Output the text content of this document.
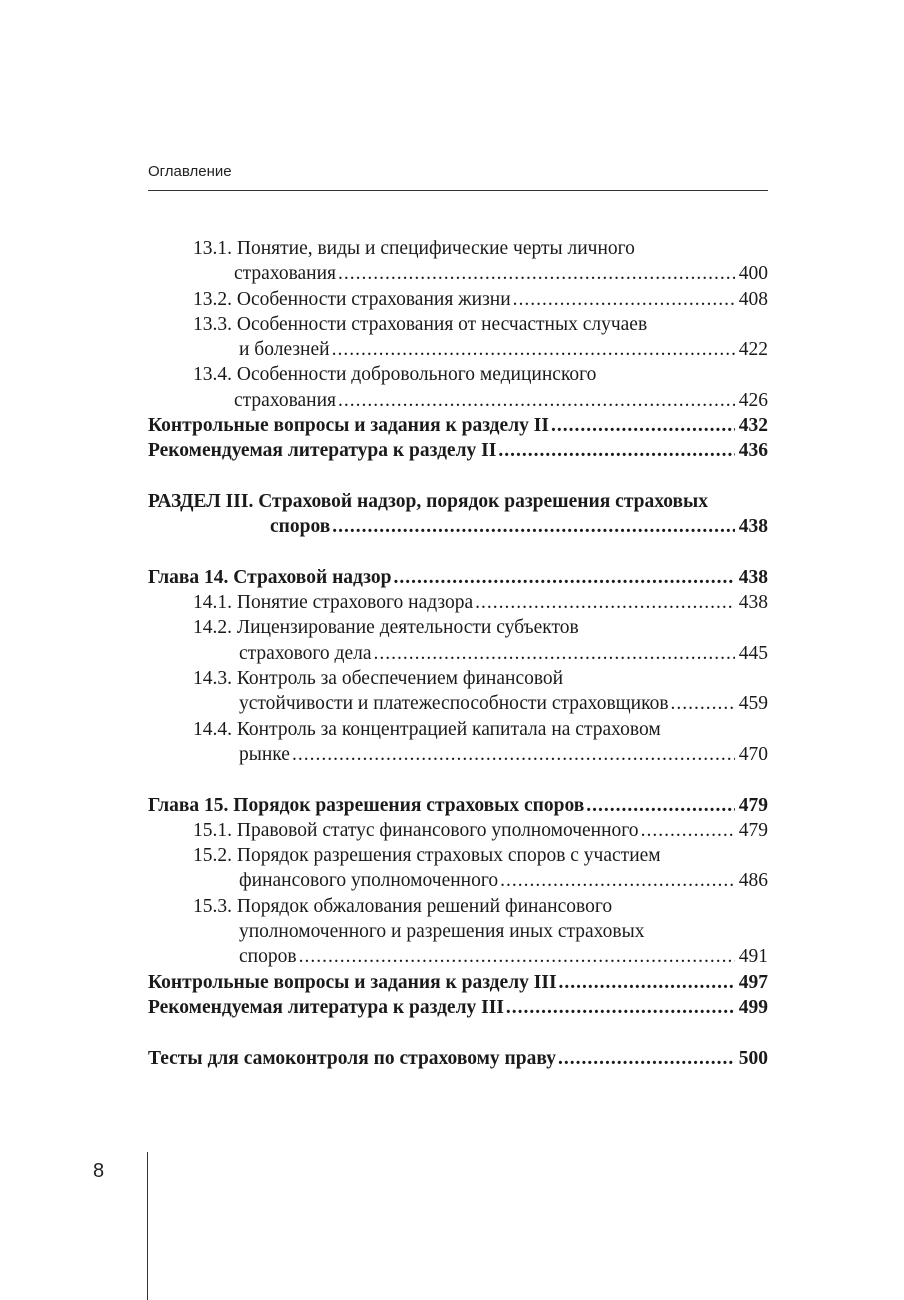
Оглавление
13.1. Понятие, виды и специфические черты личного
страхования .....	400
13.2. Особенности страхования жизни .....	408
13.3. Особенности страхования от несчастных случаев
и болезней .....	422
13.4. Особенности добровольного медицинского
страхования .....	426
Контрольные вопросы и задания к разделу II .....	432
Рекомендуемая литература к разделу II .....	436
РАЗДЕЛ III. Страховой надзор, порядок разрешения страховых
споров .....	438
Глава 14. Страховой надзор .....	438
14.1. Понятие страхового надзора .....	438
14.2. Лицензирование деятельности субъектов
страхового дела .....	445
14.3. Контроль за обеспечением финансовой
устойчивости и платежеспособности страховщиков .....	459
14.4. Контроль за концентрацией капитала на страховом
рынке .....	470
Глава 15. Порядок разрешения страховых споров .....	479
15.1. Правовой статус финансового уполномоченного .....	479
15.2. Порядок разрешения страховых споров с участием
финансового уполномоченного .....	486
15.3. Порядок обжалования решений финансового
уполномоченного и разрешения иных страховых
споров .....	491
Контрольные вопросы и задания к разделу III .....	497
Рекомендуемая литература к разделу III .....	499
Тесты для самоконтроля по страховому праву .....	500
8
